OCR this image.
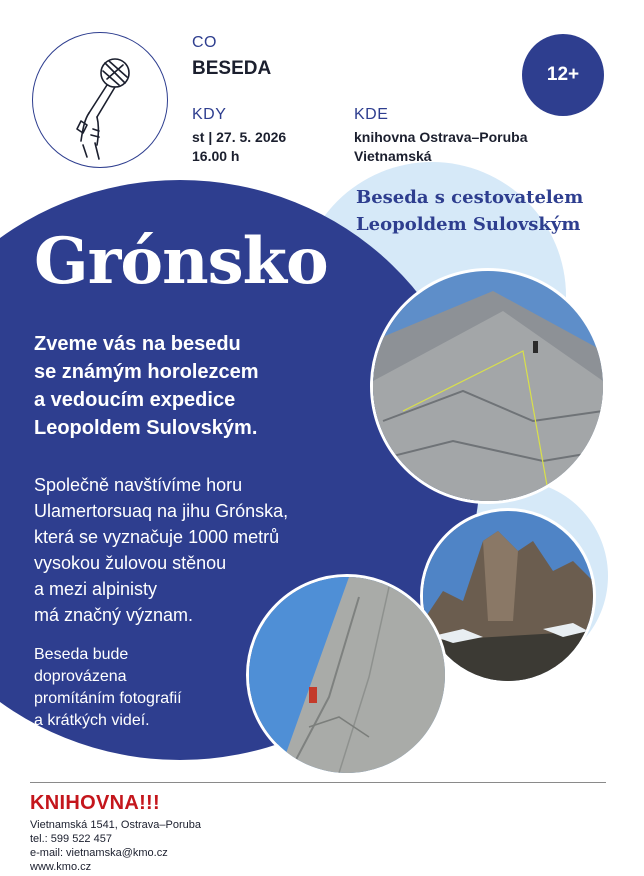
CO
BESEDA
KDY
st | 27. 5. 2026
16.00 h
KDE
knihovna Ostrava–Poruba
Vietnamská
12+
Beseda s cestovatelem
Leopoldem Sulovským
Grónsko
Zveme vás na besedu
se známým horolezcem
a vedoucím expedice
Leopoldem Sulovským.
Společně navštívíme horu
Ulamertorsuaq na jihu Grónska,
která se vyznačuje 1000 metrů
vysokou žulovou stěnou
a mezi alpinisty
má značný význam.
Beseda bude
doprovázena
promítáním fotografií
a krátkých videí.
KNIHOVNA!!!
Vietnamská 1541, Ostrava–Poruba
tel.: 599 522 457
e-mail: vietnamska@kmo.cz
www.kmo.cz
